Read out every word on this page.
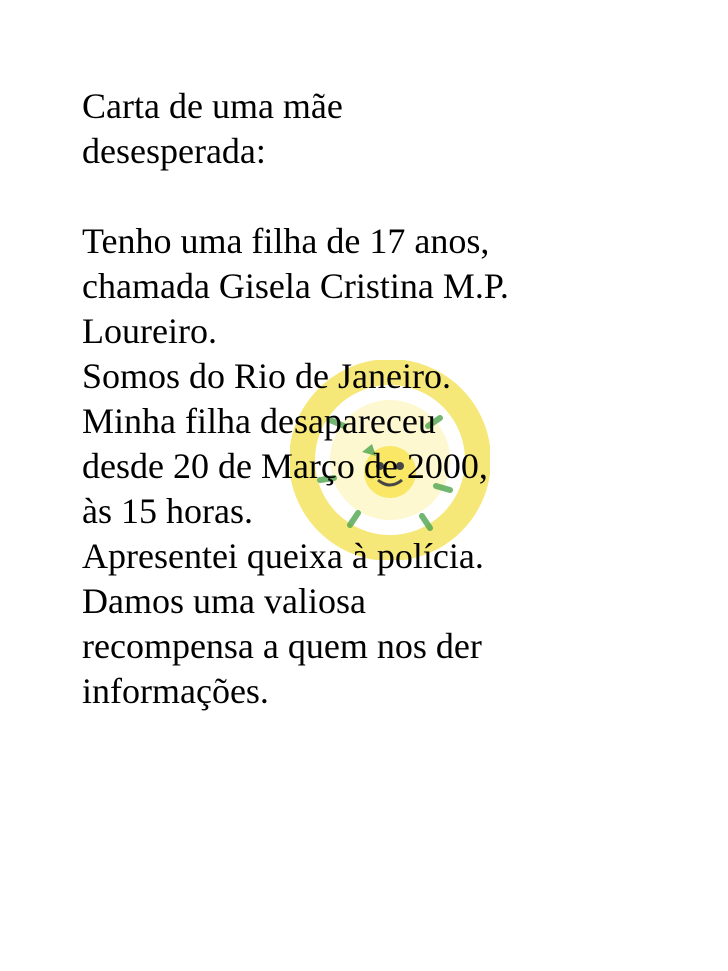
Carta de uma mãe
desesperada:
Tenho uma filha de 17 anos,
chamada Gisela Cristina M.P.
Loureiro.
Somos do Rio de Janeiro.
Minha filha desapareceu
desde 20 de Março de 2000,
às 15 horas.
Apresentei queixa à polícia.
Damos uma valiosa
recompensa a quem nos der
informações.
